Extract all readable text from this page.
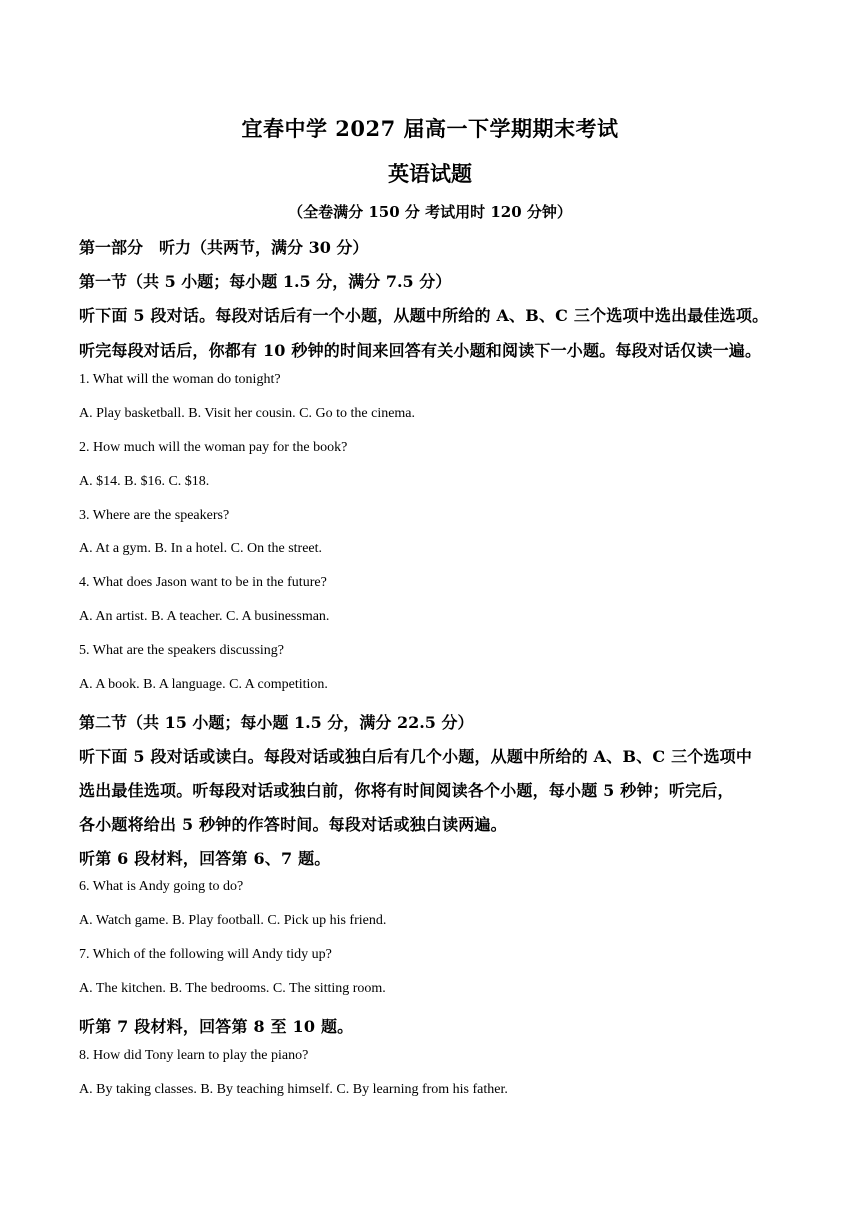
宜春中学 2027 届高一下学期期末考试
英语试题
（全卷满分 150 分 考试用时 120 分钟）
第一部分　听力（共两节，满分 30 分）
第一节（共 5 小题；每小题 1.5 分，满分 7.5 分）
听下面 5 段对话。每段对话后有一个小题，从题中所给的 A、B、C 三个选项中选出最佳选项。
听完每段对话后，你都有 10 秒钟的时间来回答有关小题和阅读下一小题。每段对话仅读一遍。
1. What will the woman do tonight?
A. Play basketball. B. Visit her cousin. C. Go to the cinema.
2. How much will the woman pay for the book?
A. $14. B. $16. C. $18.
3. Where are the speakers?
A. At a gym. B. In a hotel. C. On the street.
4. What does Jason want to be in the future?
A. An artist. B. A teacher. C. A businessman.
5. What are the speakers discussing?
A. A book. B. A language. C. A competition.
第二节（共 15 小题；每小题 1.5 分，满分 22.5 分）
听下面 5 段对话或读白。每段对话或独白后有几个小题，从题中所给的 A、B、C 三个选项中
选出最佳选项。听每段对话或独白前，你将有时间阅读各个小题，每小题 5 秒钟；听完后，
各小题将给出 5 秒钟的作答时间。每段对话或独白读两遍。
听第 6 段材料，回答第 6、7 题。
6. What is Andy going to do?
A. Watch game. B. Play football. C. Pick up his friend.
7. Which of the following will Andy tidy up?
A. The kitchen. B. The bedrooms. C. The sitting room.
听第 7 段材料，回答第 8 至 10 题。
8. How did Tony learn to play the piano?
A. By taking classes. B. By teaching himself. C. By learning from his father.
